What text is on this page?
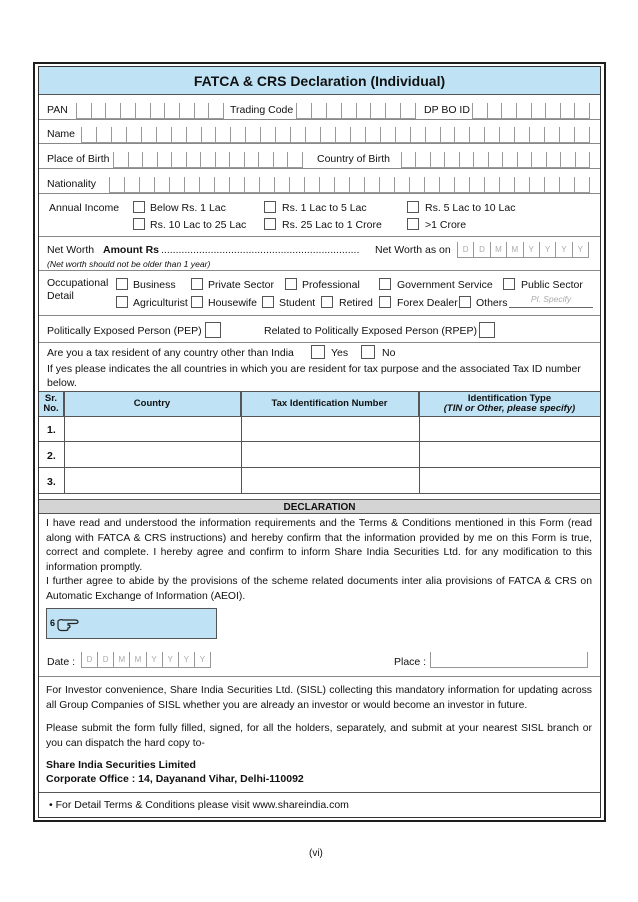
FATCA & CRS Declaration (Individual)
PAN	Trading Code	DP BO ID
Name
Place of Birth	Country of Birth
Nationality
Annual Income	Below Rs. 1 Lac	Rs. 1 Lac to 5 Lac	Rs. 5 Lac to 10 Lac
Rs. 10 Lac to 25 Lac	Rs. 25 Lac to 1 Crore	>1 Crore
Net Worth Amount Rs ....................................................................	Net Worth as on	D	D	M	M	Y	Y	Y	Y
(Net worth should not be older than 1 year)
Occupational
Detail
Business	Private Sector	Professional	Government Service	Public Sector
Agriculturist Housewife Student Retired Forex Dealer Others	Pl. Specify
Politically Exposed Person (PEP)	Related to Politically Exposed Person (RPEP)
Are you a tax resident of any country other than India	Yes	No
If yes please indicates the all countries in which you are resident for tax purpose and the associated Tax ID number
below.
Sr.
No.	Country	Tax Identification Number	Identification Type
(TIN or Other, please specify)
1.
2.
3.
DECLARATION
I have read and understood the information requirements and the Terms & Conditions mentioned in this Form (read along with FATCA & CRS instructions) and hereby confirm that the information provided by me on this Form is true, correct and complete. I hereby agree and confirm to inform Share India Securities Ltd. for any modification to this information promptly.
I further agree to abide by the provisions of the scheme related documents inter alia provisions of FATCA & CRS on Automatic Exchange of Information (AEOI).
6
Date :	D	D	M	M	Y	Y	Y	Y	Place :
For Investor convenience, Share India Securities Ltd. (SISL) collecting this mandatory information for updating across all Group Companies of SISL whether you are already an investor or would become an investor in future.
Please submit the form fully filled, signed, for all the holders, separately, and submit at your nearest SISL branch or you can dispatch the hard copy to-
Share India Securities Limited
Corporate Office : 14, Dayanand Vihar, Delhi-110092
• For Detail Terms & Conditions please visit www.shareindia.com
(vi)
